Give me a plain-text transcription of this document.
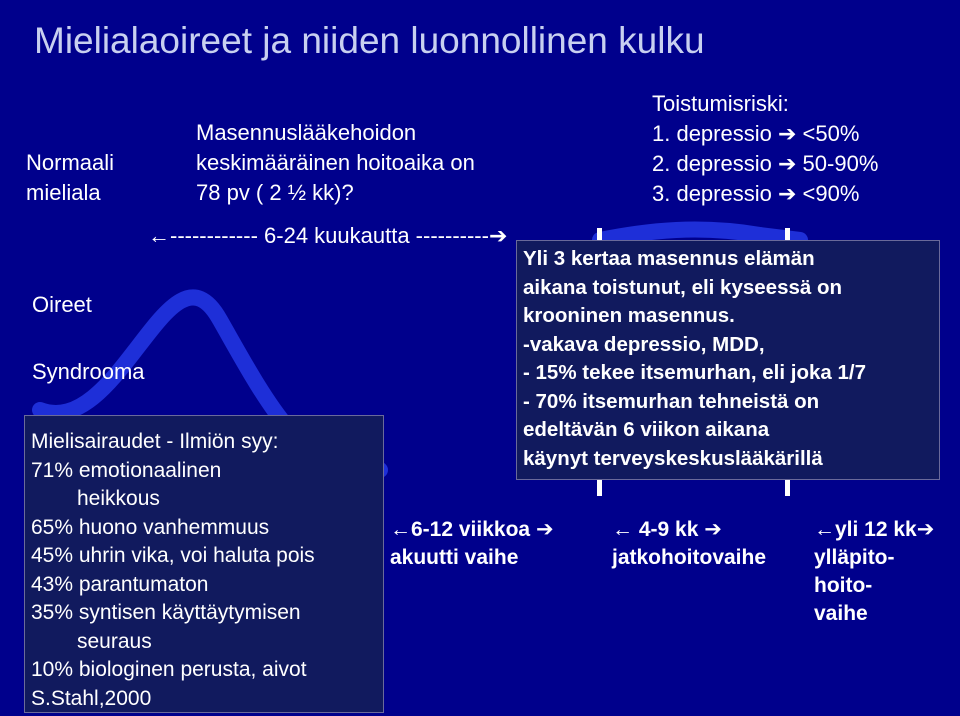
Mielialaoireet ja niiden luonnollinen kulku
Normaali
mieliala
Masennuslääkehoidon
keskimääräinen hoitoaika on
78 pv ( 2 ½ kk)?
Toistumisriski:
1. depressio ➔ <50%
2. depressio ➔ 50-90%
3. depressio ➔ <90%
←------------ 6-24 kuukautta ----------➔
Oireet
Syndrooma
Yli 3 kertaa masennus elämän
aikana toistunut, eli kyseessä on
krooninen masennus.
-vakava depressio, MDD,
- 15% tekee itsemurhan, eli joka 1/7
- 70% itsemurhan tehneistä on
edeltävän 6 viikon aikana
käynyt terveyskeskuslääkärillä
Mielisairaudet - Ilmiön syy:
71% emotionaalinen
heikkous
65% huono vanhemmuus
45% uhrin vika, voi haluta pois
43% parantumaton
35% syntisen käyttäytymisen
seuraus
10% biologinen perusta, aivot
S.Stahl,2000
←6-12 viikkoa ➔
akuutti vaihe
← 4-9 kk ➔
jatkohoitovaihe
←yli 12 kk➔
ylläpito-
hoito-
vaihe
